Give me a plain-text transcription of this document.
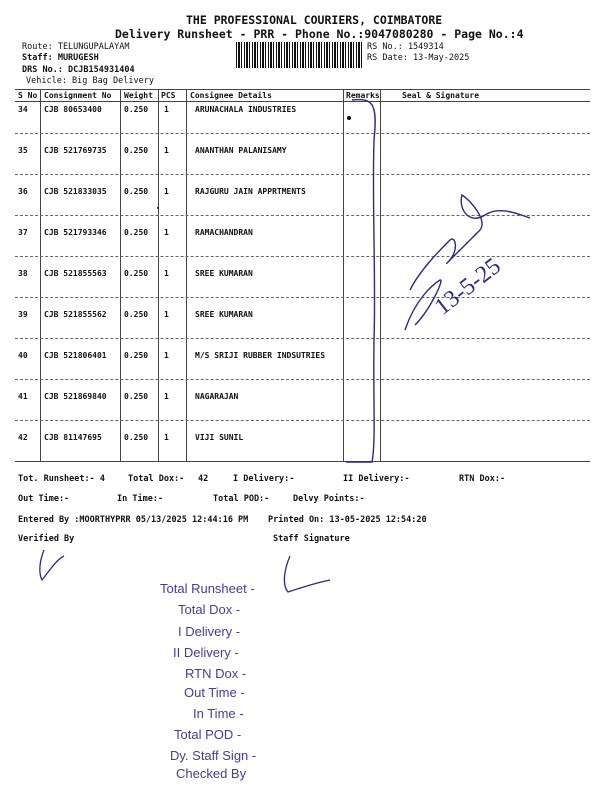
THE PROFESSIONAL COURIERS, COIMBATORE
Delivery Runsheet - PRR - Phone No.:9047080280 - Page No.:4
Route: TELUNGUPALAYAM
Staff: MURUGESH
DRS No.: DCJB154931404
Vehicle: Big Bag Delivery
RS No.: 1549314
RS Date: 13-May-2025
S No Consignment No Weight PCS Consignee Details	Remarks	Seal & Signature
34 CJB 80653400	0.250 1	ARUNACHALA INDUSTRIES
35 CJB 521769735 0.250 1	ANANTHAN PALANISAMY
36 CJB 521833035 0.250 1	RAJGURU JAIN APPRTMENTS
37 CJB 521793346 0.250 1	RAMACHANDRAN
38 CJB 521855563 0.250 1	SREE KUMARAN
39 CJB 521855562 0.250 1	SREE KUMARAN
40 CJB 521806401 0.250 1	M/S SRIJI RUBBER INDSUTRIES
41 CJB 521869840 0.250 1	NAGARAJAN
42 CJB 81147695	0.250 1	VIJI SUNIL
13-5-25
Tot. Runsheet:- 4	Total Dox:- 42	I Delivery:-	II Delivery:-	RTN Dox:-
Out Time:-	In Time:-	Total POD:-	Delvy Points:-
Entered By :MOORTHYPRR 05/13/2025 12:44:16 PM Printed On: 13-05-2025 12:54:20
Verified By	Staff Signature
Total Runsheet -
Total Dox -
I Delivery -
II Delivery -
RTN Dox -
Out Time -
In Time -
Total POD -
Dy. Staff Sign -
Checked By
